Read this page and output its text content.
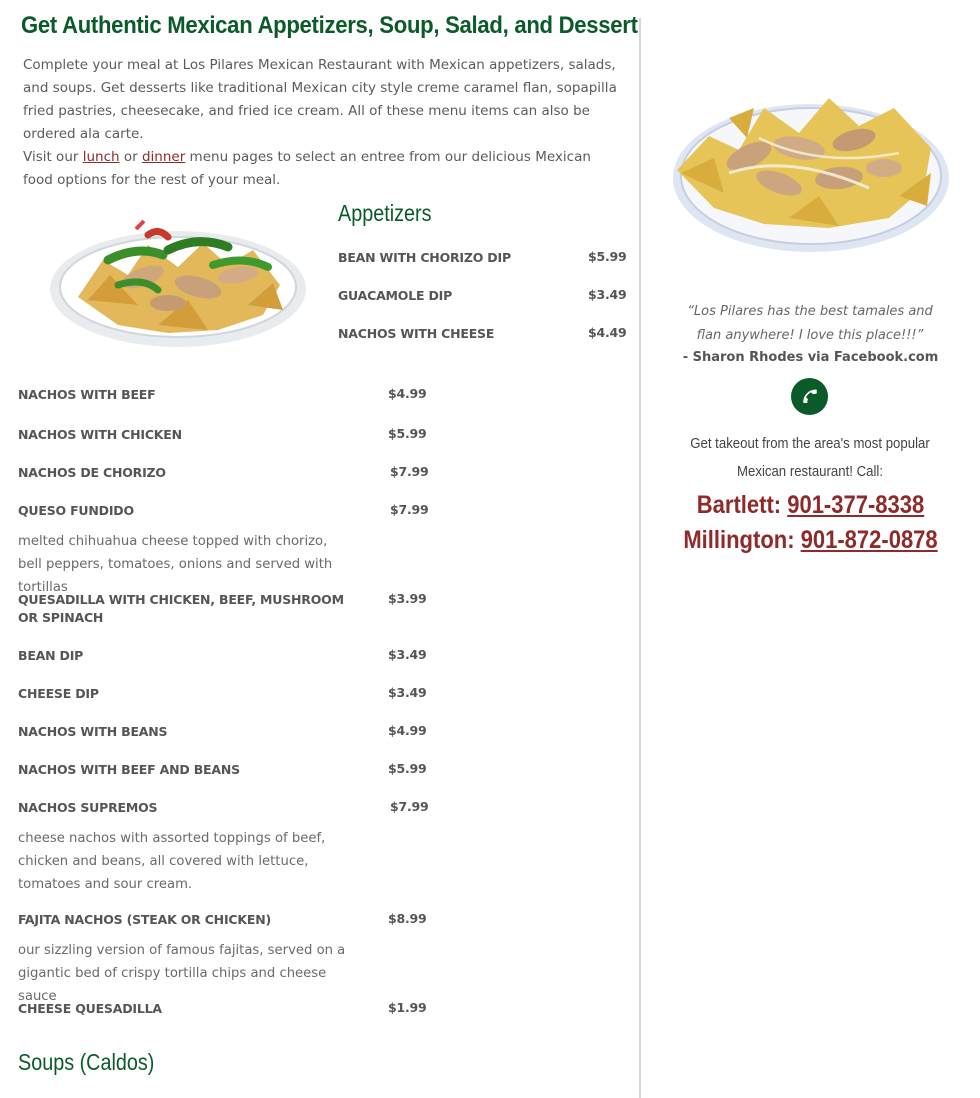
Get Authentic Mexican Appetizers, Soup, Salad, and Dessert

Complete your meal at Los Pilares Mexican Restaurant with Mexican appetizers, salads, and soups. Get desserts like traditional Mexican city style creme caramel flan, sopapilla fried pastries, cheesecake, and fried ice cream. All of these menu items can also be ordered ala carte.

Visit our lunch or dinner menu pages to select an entree from our delicious Mexican food options for the rest of your meal.

Appetizers
BEAN WITH CHORIZO DIP	$5.99
GUACAMOLE DIP	$3.49
NACHOS WITH CHEESE	$4.49
NACHOS WITH BEEF	$4.99
NACHOS WITH CHICKEN	$5.99
NACHOS DE CHORIZO	$7.99
QUESO FUNDIDO	$7.99
melted chihuahua cheese topped with chorizo, bell peppers, tomatoes, onions and served with tortillas
QUESADILLA WITH CHICKEN, BEEF, MUSHROOM OR SPINACH
$3.99
BEAN DIP	$3.49
CHEESE DIP	$3.49
NACHOS WITH BEANS	$4.99
NACHOS WITH BEEF AND BEANS	$5.99
NACHOS SUPREMOS	$7.99
cheese nachos with assorted toppings of beef, chicken and beans, all covered with lettuce, tomatoes and sour cream.
FAJITA NACHOS (STEAK OR CHICKEN)	$8.99
our sizzling version of famous fajitas, served on a gigantic bed of crispy tortilla chips and cheese sauce
CHEESE QUESADILLA	$1.99
Soups (Caldos)
“Los Pilares has the best tamales and flan anywhere! I love this place!!!”
- Sharon Rhodes via Facebook.com
Get takeout from the area's most popular Mexican restaurant! Call:
Bartlett: 901-377-8338
Millington: 901-872-0878
